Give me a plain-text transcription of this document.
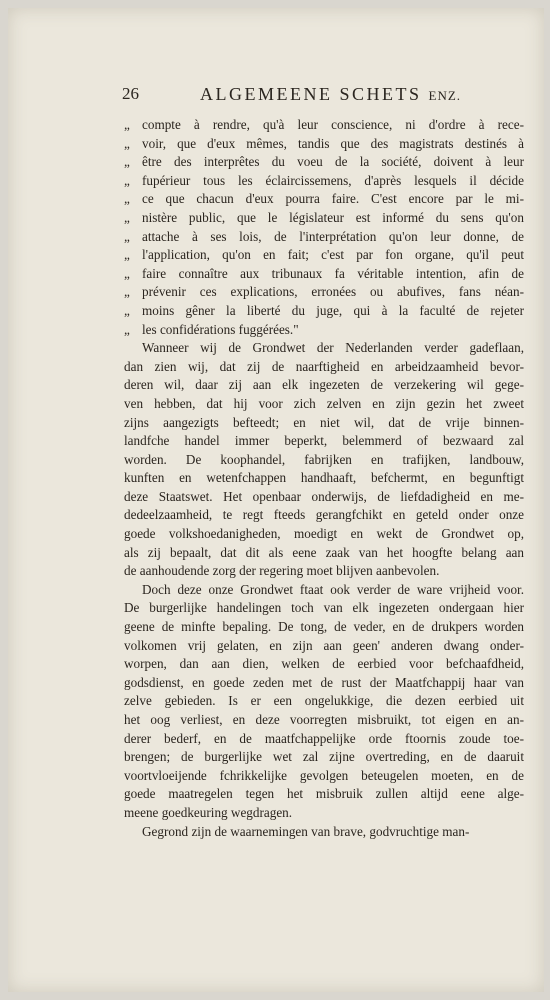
26	ALGEMEENE SCHETS ENZ.
„ compte à rendre, qu'à leur conscience, ni d'ordre à rece-
„ voir, que d'eux mêmes, tandis que des magistrats destinés à
„ être des interprêtes du voeu de la société, doivent à leur
„ fupérieur tous les éclaircissemens, d'après lesquels il décide
„ ce que chacun d'eux pourra faire. C'est encore par le mi-
„ nistère public, que le législateur est informé du sens qu'on
„ attache à ses lois, de l'interprétation qu'on leur donne, de
„ l'application, qu'on en fait; c'est par fon organe, qu'il peut
„ faire connaître aux tribunaux fa véritable intention, afin de
„ prévenir ces explications, erronées ou abufives, fans néan-
„ moins gêner la liberté du juge, qui à la faculté de rejeter
„ les confidérations fuggérées."
Wanneer wij de Grondwet der Nederlanden verder gadeflaan,
dan zien wij, dat zij de naarftigheid en arbeidzaamheid bevor-
deren wil, daar zij aan elk ingezeten de verzekering wil gege-
ven hebben, dat hij voor zich zelven en zijn gezin het zweet
zijns aangezigts befteedt; en niet wil, dat de vrije binnen-
landfche handel immer beperkt, belemmerd of bezwaard zal
worden. De koophandel, fabrijken en trafijken, landbouw,
kunften en wetenfchappen handhaaft, befchermt, en begunftigt
deze Staatswet. Het openbaar onderwijs, de liefdadigheid en me-
dedeelzaamheid, te regt fteeds gerangfchikt en geteld onder onze
goede volkshoedanigheden, moedigt en wekt de Grondwet op,
als zij bepaalt, dat dit als eene zaak van het hoogfte belang aan
de aanhoudende zorg der regering moet blijven aanbevolen.
Doch deze onze Grondwet ftaat ook verder de ware vrijheid voor.
De burgerlijke handelingen toch van elk ingezeten ondergaan hier
geene de minfte bepaling. De tong, de veder, en de drukpers worden
volkomen vrij gelaten, en zijn aan geen' anderen dwang onder-
worpen, dan aan dien, welken de eerbied voor befchaafdheid,
godsdienst, en goede zeden met de rust der Maatfchappij haar van
zelve gebieden. Is er een ongelukkige, die dezen eerbied uit
het oog verliest, en deze voorregten misbruikt, tot eigen en an-
derer bederf, en de maatfchappelijke orde ftoornis zoude toe-
brengen; de burgerlijke wet zal zijne overtreding, en de daaruit
voortvloeijende fchrikkelijke gevolgen beteugelen moeten, en de
goede maatregelen tegen het misbruik zullen altijd eene alge-
meene goedkeuring wegdragen.
Gegrond zijn de waarnemingen van brave, godvruchtige man-
